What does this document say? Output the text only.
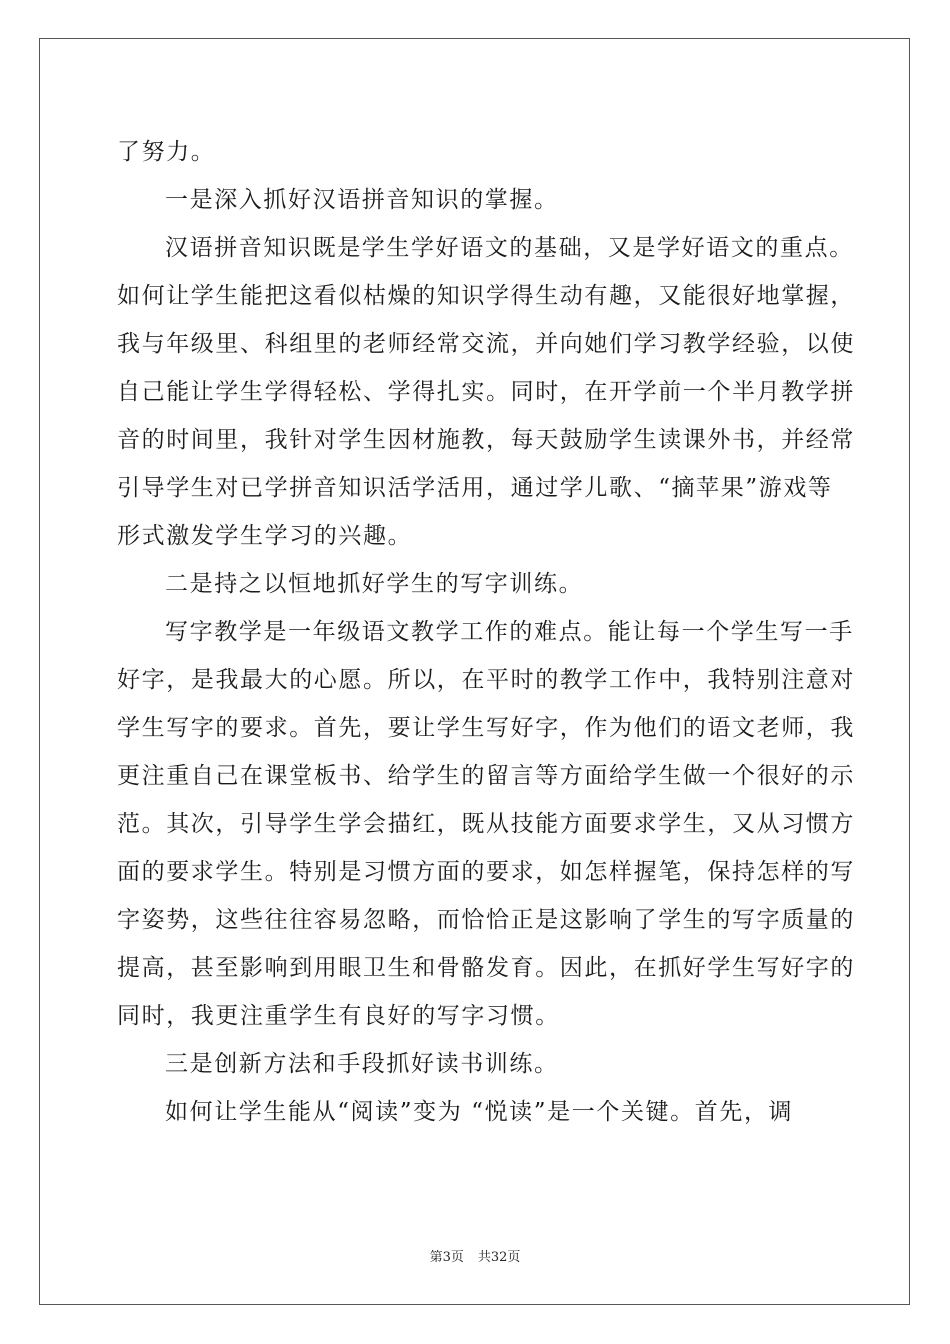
了努力。
一是深入抓好汉语拼音知识的掌握。
汉语拼音知识既是学生学好语文的基础，又是学好语文的重点。
如何让学生能把这看似枯燥的知识学得生动有趣，又能很好地掌握，
我与年级里、科组里的老师经常交流，并向她们学习教学经验，以使
自己能让学生学得轻松、学得扎实。同时，在开学前一个半月教学拼
音的时间里，我针对学生因材施教，每天鼓励学生读课外书，并经常
引导学生对已学拼音知识活学活用，通过学儿歌、“摘苹果”游戏等
形式激发学生学习的兴趣。
二是持之以恒地抓好学生的写字训练。
写字教学是一年级语文教学工作的难点。能让每一个学生写一手
好字，是我最大的心愿。所以，在平时的教学工作中，我特别注意对
学生写字的要求。首先，要让学生写好字，作为他们的语文老师，我
更注重自己在课堂板书、给学生的留言等方面给学生做一个很好的示
范。其次，引导学生学会描红，既从技能方面要求学生，又从习惯方
面的要求学生。特别是习惯方面的要求，如怎样握笔，保持怎样的写
字姿势，这些往往容易忽略，而恰恰正是这影响了学生的写字质量的
提高，甚至影响到用眼卫生和骨骼发育。因此，在抓好学生写好字的
同时，我更注重学生有良好的写字习惯。
三是创新方法和手段抓好读书训练。
如何让学生能从“阅读”变为 “悦读”是一个关键。首先，调
第3页 共32页
